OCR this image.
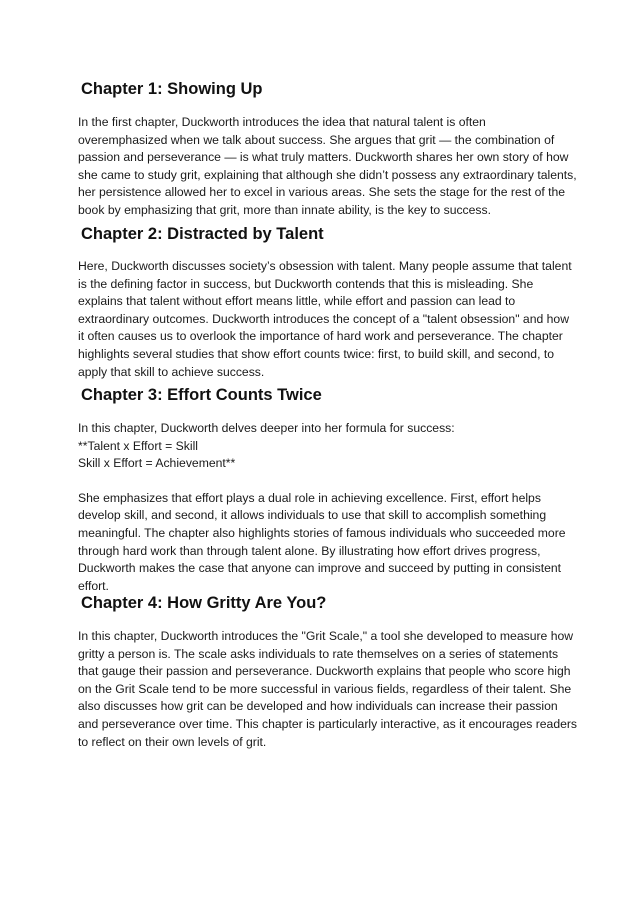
Chapter 1: Showing Up

In the first chapter, Duckworth introduces the idea that natural talent is often
overemphasized when we talk about success. She argues that grit — the combination of
passion and perseverance — is what truly matters. Duckworth shares her own story of how
she came to study grit, explaining that although she didn’t possess any extraordinary talents,
her persistence allowed her to excel in various areas. She sets the stage for the rest of the
book by emphasizing that grit, more than innate ability, is the key to success.

Chapter 2: Distracted by Talent

Here, Duckworth discusses society’s obsession with talent. Many people assume that talent
is the defining factor in success, but Duckworth contends that this is misleading. She
explains that talent without effort means little, while effort and passion can lead to
extraordinary outcomes. Duckworth introduces the concept of a "talent obsession" and how
it often causes us to overlook the importance of hard work and perseverance. The chapter
highlights several studies that show effort counts twice: first, to build skill, and second, to
apply that skill to achieve success.

Chapter 3: Effort Counts Twice

In this chapter, Duckworth delves deeper into her formula for success:
**Talent x Effort = Skill
Skill x Effort = Achievement**

She emphasizes that effort plays a dual role in achieving excellence. First, effort helps
develop skill, and second, it allows individuals to use that skill to accomplish something
meaningful. The chapter also highlights stories of famous individuals who succeeded more
through hard work than through talent alone. By illustrating how effort drives progress,
Duckworth makes the case that anyone can improve and succeed by putting in consistent
effort.

Chapter 4: How Gritty Are You?

In this chapter, Duckworth introduces the "Grit Scale," a tool she developed to measure how
gritty a person is. The scale asks individuals to rate themselves on a series of statements
that gauge their passion and perseverance. Duckworth explains that people who score high
on the Grit Scale tend to be more successful in various fields, regardless of their talent. She
also discusses how grit can be developed and how individuals can increase their passion
and perseverance over time. This chapter is particularly interactive, as it encourages readers
to reflect on their own levels of grit.
